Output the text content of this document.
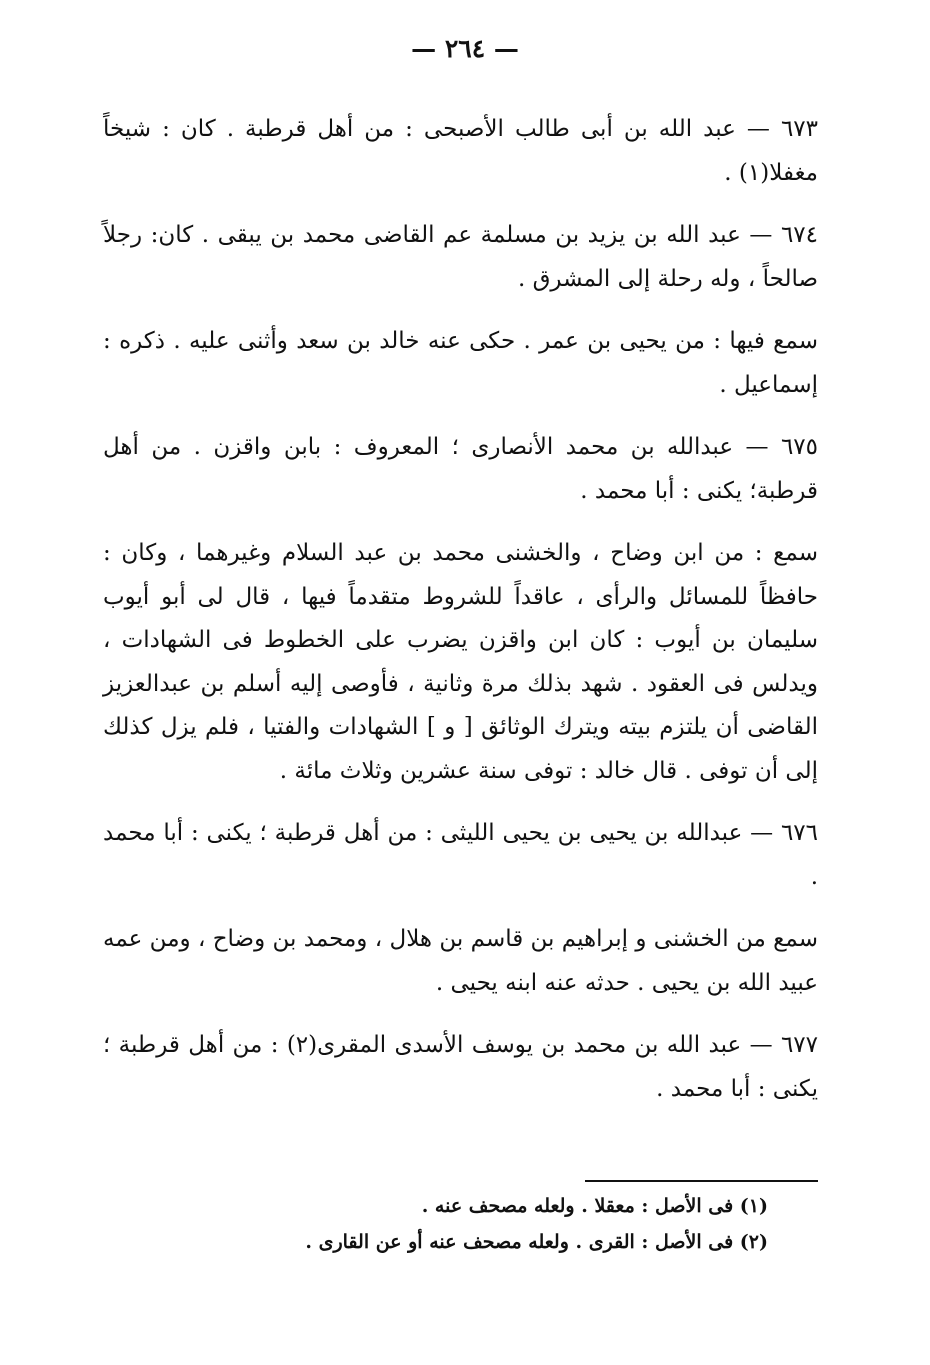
— ٢٦٤ —

٦٧٣ — عبد الله بن أبى طالب الأصبحى : من أهل قرطبة . كان : شيخاً مغفلا(١) .

٦٧٤ — عبد الله بن يزيد بن مسلمة عم القاضى محمد بن يبقى . كان: رجلاً صالحاً ، وله رحلة إلى المشرق .

سمع فيها : من يحيى بن عمر . حكى عنه خالد بن سعد وأثنى عليه . ذكره : إسماعيل .

٦٧٥ — عبدالله بن محمد الأنصارى ؛ المعروف : بابن واقزن . من أهل قرطبة؛ يكنى : أبا محمد .

سمع : من ابن وضاح ، والخشنى محمد بن عبد السلام وغيرهما ، وكان : حافظاً للمسائل والرأى ، عاقداً للشروط متقدماً فيها ، قال لى أبو أيوب سليمان بن أيوب : كان ابن واقزن يضرب على الخطوط فى الشهادات ، ويدلس فى العقود . شهد بذلك مرة وثانية ، فأوصى إليه أسلم بن عبدالعزيز القاضى أن يلتزم بيته ويترك الوثائق [ و ] الشهادات والفتيا ، فلم يزل كذلك إلى أن توفى . قال خالد : توفى سنة عشرين وثلاث مائة .

٦٧٦ — عبدالله بن يحيى بن يحيى الليثى : من أهل قرطبة ؛ يكنى : أبا محمد .

سمع من الخشنى و إبراهيم بن قاسم بن هلال ، ومحمد بن وضاح ، ومن عمه عبيد الله بن يحيى . حدثه عنه ابنه يحيى .

٦٧٧ — عبد الله بن محمد بن يوسف الأسدى المقرى(٢) : من أهل قرطبة ؛ يكنى : أبا محمد .

(١) فى الأصل : معقلا . ولعله مصحف عنه .

(٢) فى الأصل : القرى . ولعله مصحف عنه أو عن القارى .
